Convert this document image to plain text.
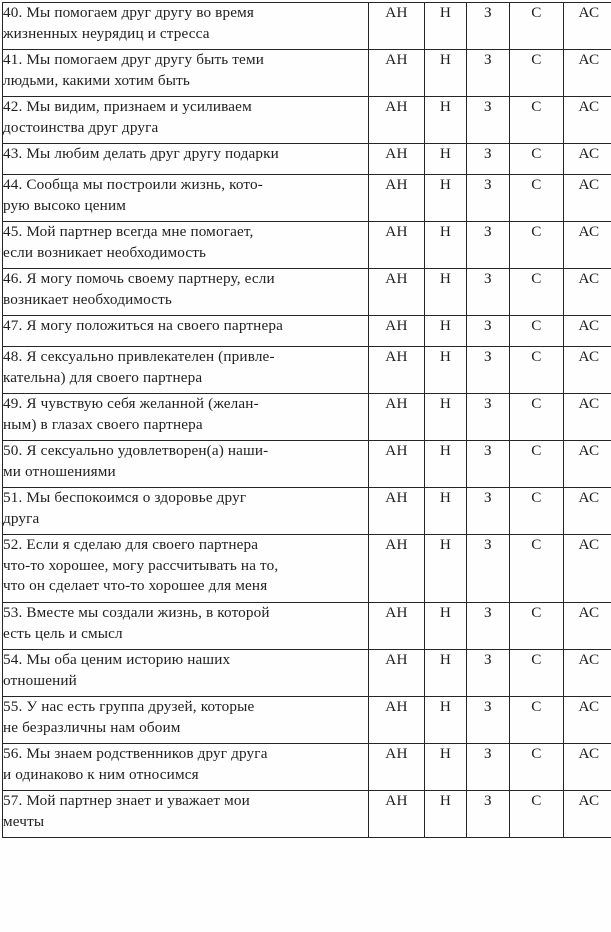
40. Мы помогаем друг другу во время
жизненных неурядиц и стресса	АН	Н	З	С	АС

41. Мы помогаем друг другу быть теми
людьми, какими хотим быть	АН	Н	З	С	АС

42. Мы видим, признаем и усиливаем
достоинства друг друга	АН	Н	З	С	АС

43. Мы любим делать друг другу подарки	АН	Н	З	С	АС

44. Сообща мы построили жизнь, кото-
рую высоко ценим	АН	Н	З	С	АС

45. Мой партнер всегда мне помогает,
если возникает необходимость	АН	Н	З	С	АС

46. Я могу помочь своему партнеру, если
возникает необходимость	АН	Н	З	С	АС

47. Я могу положиться на своего партнера	АН	Н	З	С	АС

48. Я сексуально привлекателен (привле-
кательна) для своего партнера	АН	Н	З	С	АС

49. Я чувствую себя желанной (желан-
ным) в глазах своего партнера	АН	Н	З	С	АС

50. Я сексуально удовлетворен(а) наши-
ми отношениями	АН	Н	З	С	АС

51. Мы беспокоимся о здоровье друг
друга	АН	Н	З	С	АС

52. Если я сделаю для своего партнера
что-то хорошее, могу рассчитывать на то,
что он сделает что-то хорошее для меня	АН	Н	З	С	АС

53. Вместе мы создали жизнь, в которой
есть цель и смысл	АН	Н	З	С	АС

54. Мы оба ценим историю наших
отношений	АН	Н	З	С	АС

55. У нас есть группа друзей, которые
не безразличны нам обоим	АН	Н	З	С	АС

56. Мы знаем родственников друг друга
и одинаково к ним относимся	АН	Н	З	С	АС

57. Мой партнер знает и уважает мои
мечты	АН	Н	З	С	АС
